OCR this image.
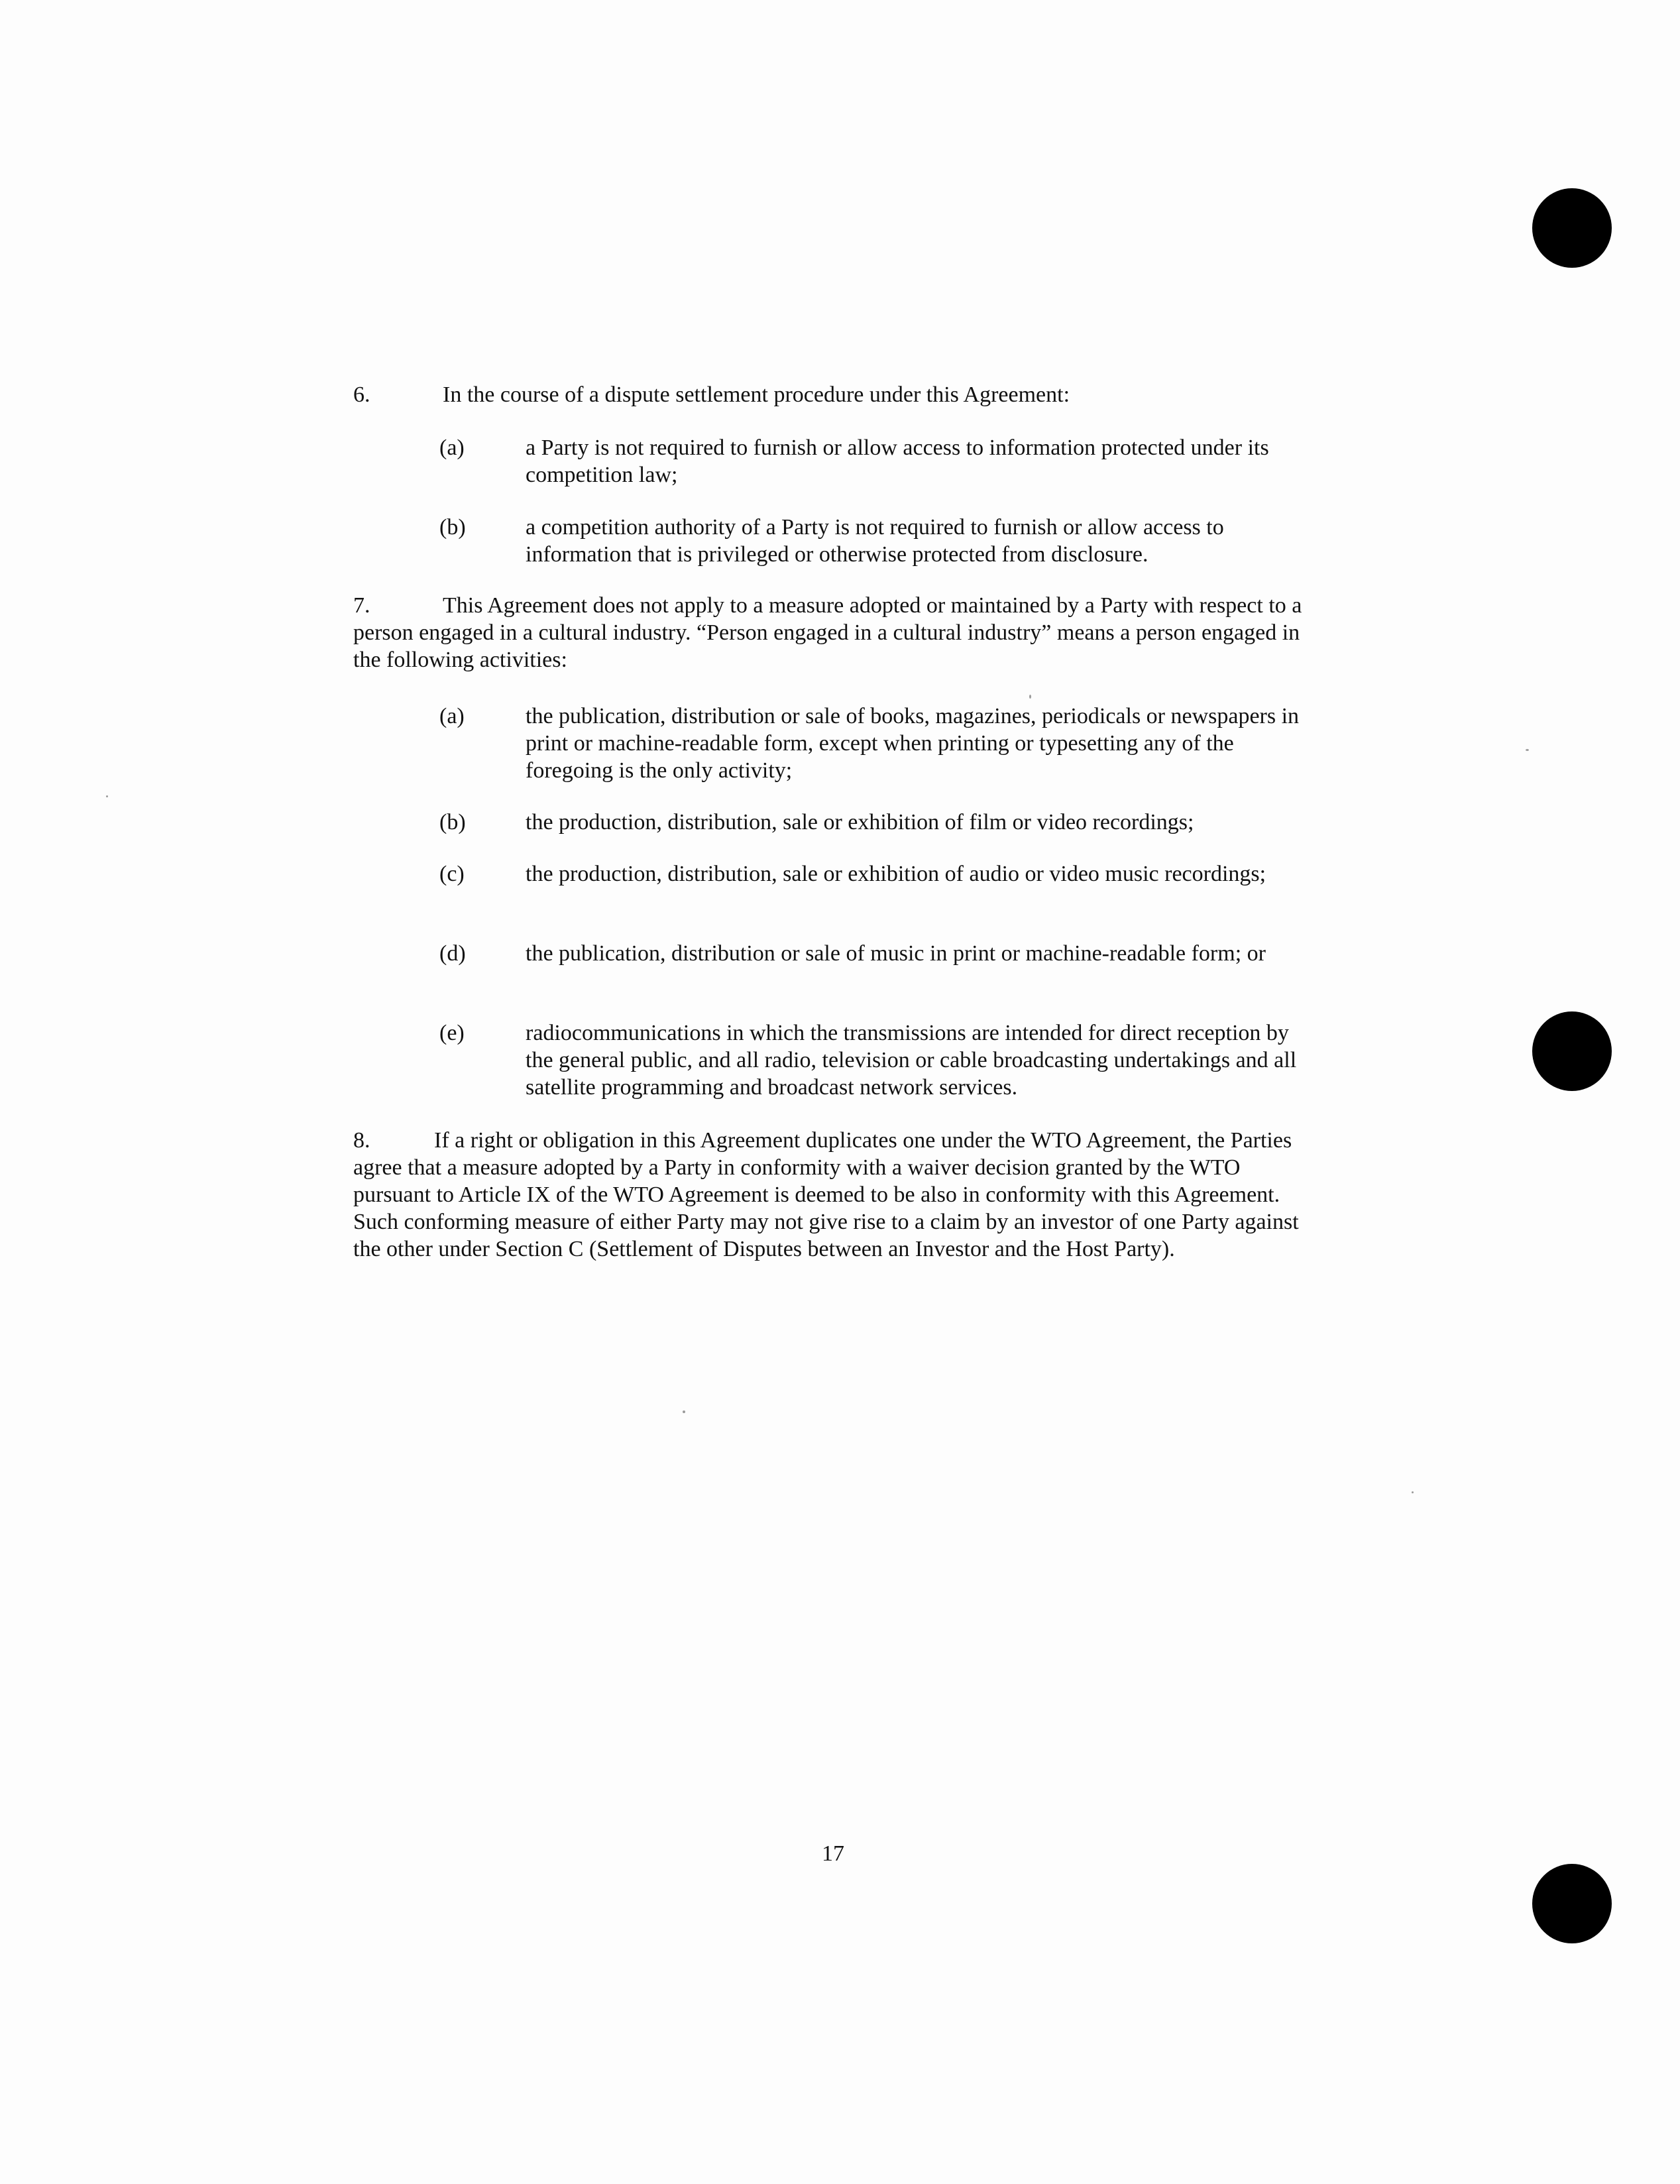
6.	In the course of a dispute settlement procedure under this Agreement:
(a)	a Party is not required to furnish or allow access to information protected under its competition law;
(b)	a competition authority of a Party is not required to furnish or allow access to information that is privileged or otherwise protected from disclosure.
7.	This Agreement does not apply to a measure adopted or maintained by a Party with respect to a person engaged in a cultural industry. “Person engaged in a cultural industry” means a person engaged in the following activities:
(a)	the publication, distribution or sale of books, magazines, periodicals or newspapers in print or machine-readable form, except when printing or typesetting any of the foregoing is the only activity;
(b)	the production, distribution, sale or exhibition of film or video recordings;
(c)	the production, distribution, sale or exhibition of audio or video music recordings;
(d)	the publication, distribution or sale of music in print or machine-readable form; or
(e)	radiocommunications in which the transmissions are intended for direct reception by the general public, and all radio, television or cable broadcasting undertakings and all satellite programming and broadcast network services.
8.	If a right or obligation in this Agreement duplicates one under the WTO Agreement, the Parties agree that a measure adopted by a Party in conformity with a waiver decision granted by the WTO pursuant to Article IX of the WTO Agreement is deemed to be also in conformity with this Agreement. Such conforming measure of either Party may not give rise to a claim by an investor of one Party against the other under Section C (Settlement of Disputes between an Investor and the Host Party).
17
